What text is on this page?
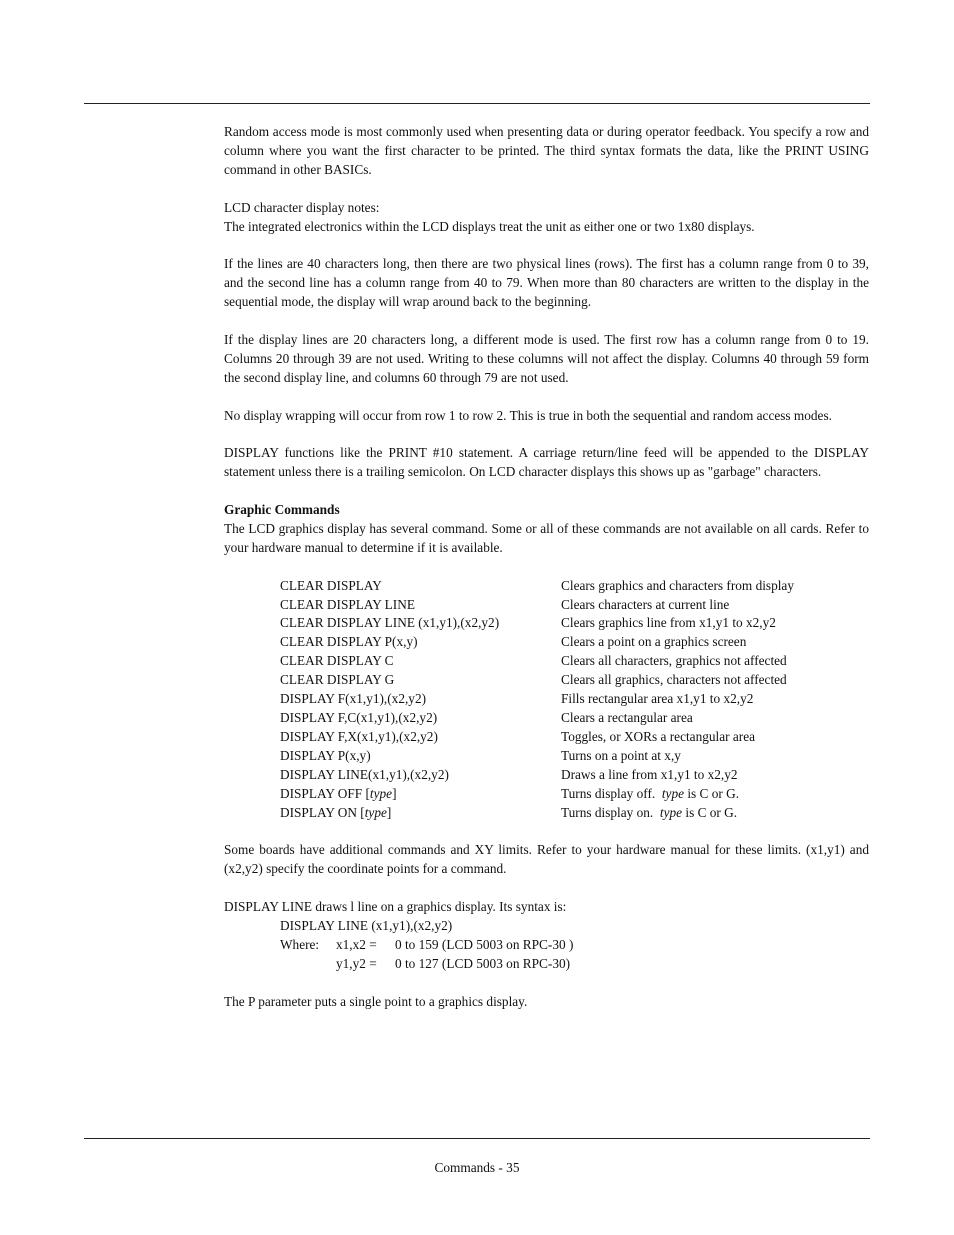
Random access mode is most commonly used when presenting data or during operator feedback. You specify a row and column where you want the first character to be printed. The third syntax formats the data, like the PRINT USING command in other BASICs.

LCD character display notes:
The integrated electronics within the LCD displays treat the unit as either one or two 1x80 displays.

If the lines are 40 characters long, then there are two physical lines (rows). The first has a column range from 0 to 39, and the second line has a column range from 40 to 79. When more than 80 characters are written to the display in the sequential mode, the display will wrap around back to the beginning.

If the display lines are 20 characters long, a different mode is used. The first row has a column range from 0 to 19. Columns 20 through 39 are not used. Writing to these columns will not affect the display. Columns 40 through 59 form the second display line, and columns 60 through 79 are not used.

No display wrapping will occur from row 1 to row 2. This is true in both the sequential and random access modes.

DISPLAY functions like the PRINT #10 statement. A carriage return/line feed will be appended to the DISPLAY statement unless there is a trailing semicolon. On LCD character displays this shows up as "garbage" characters.

Graphic Commands
The LCD graphics display has several command. Some or all of these commands are not available on all cards. Refer to your hardware manual to determine if it is available.

CLEAR DISPLAY	Clears graphics and characters from display
CLEAR DISPLAY LINE	Clears characters at current line
CLEAR DISPLAY LINE (x1,y1),(x2,y2)	Clears graphics line from x1,y1 to x2,y2
CLEAR DISPLAY P(x,y)	Clears a point on a graphics screen
CLEAR DISPLAY C	Clears all characters, graphics not affected
CLEAR DISPLAY G	Clears all graphics, characters not affected
DISPLAY F(x1,y1),(x2,y2)	Fills rectangular area x1,y1 to x2,y2
DISPLAY F,C(x1,y1),(x2,y2)	Clears a rectangular area
DISPLAY F,X(x1,y1),(x2,y2)	Toggles, or XORs a rectangular area
DISPLAY P(x,y)	Turns on a point at x,y
DISPLAY LINE(x1,y1),(x2,y2)	Draws a line from x1,y1 to x2,y2
DISPLAY OFF [type]	Turns display off. type is C or G.
DISPLAY ON [type]	Turns display on. type is C or G.

Some boards have additional commands and XY limits. Refer to your hardware manual for these limits. (x1,y1) and (x2,y2) specify the coordinate points for a command.

DISPLAY LINE draws l line on a graphics display. Its syntax is:

DISPLAY LINE (x1,y1),(x2,y2)
Where: x1,x2 = 0 to 159 (LCD 5003 on RPC-30 )
y1,y2 = 0 to 127 (LCD 5003 on RPC-30)

The P parameter puts a single point to a graphics display.

Commands - 35
